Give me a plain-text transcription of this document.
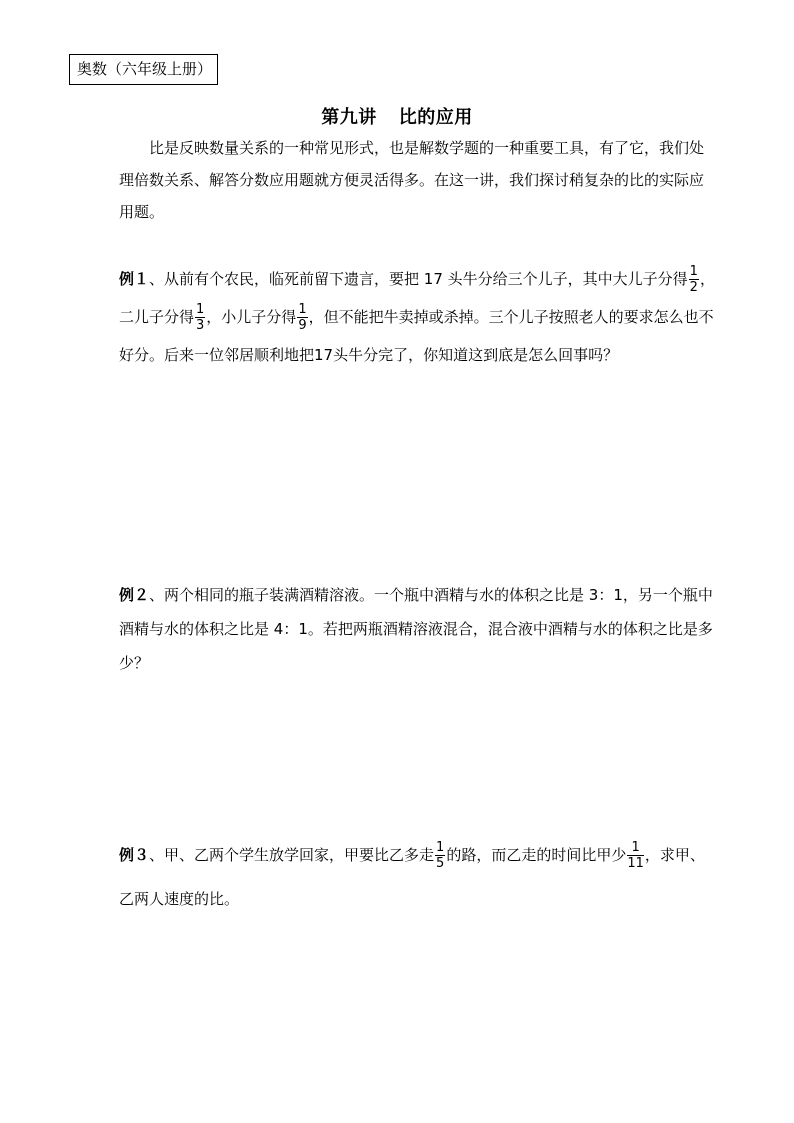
奥数（六年级上册）
第九讲 比的应用
比是反映数量关系的一种常见形式，也是解数学题的一种重要工具，有了它，我们处理倍数关系、解答分数应用题就方便灵活得多。在这一讲，我们探讨稍复杂的比的实际应用题。
例１、从前有个农民，临死前留下遗言，要把 17 头牛分给三个儿子，其中大儿子分得 $\frac{1}{2}$ ，二儿子分得 $\frac{1}{3}$ ，小儿子分得 $\frac{1}{9}$ ，但不能把牛卖掉或杀掉。三个儿子按照老人的要求怎么也不好分。后来一位邻居顺利地把17头牛分完了，你知道这到底是怎么回事吗？
例２、两个相同的瓶子装满酒精溶液。一个瓶中酒精与水的体积之比是 3：1，另一个瓶中酒精与水的体积之比是 4：1。若把两瓶酒精溶液混合，混合液中酒精与水的体积之比是多少？
例３、甲、乙两个学生放学回家，甲要比乙多走 $\frac{1}{5}$ 的路，而乙走的时间比甲少 $\frac{1}{11}$ ，求甲、乙两人速度的比。
